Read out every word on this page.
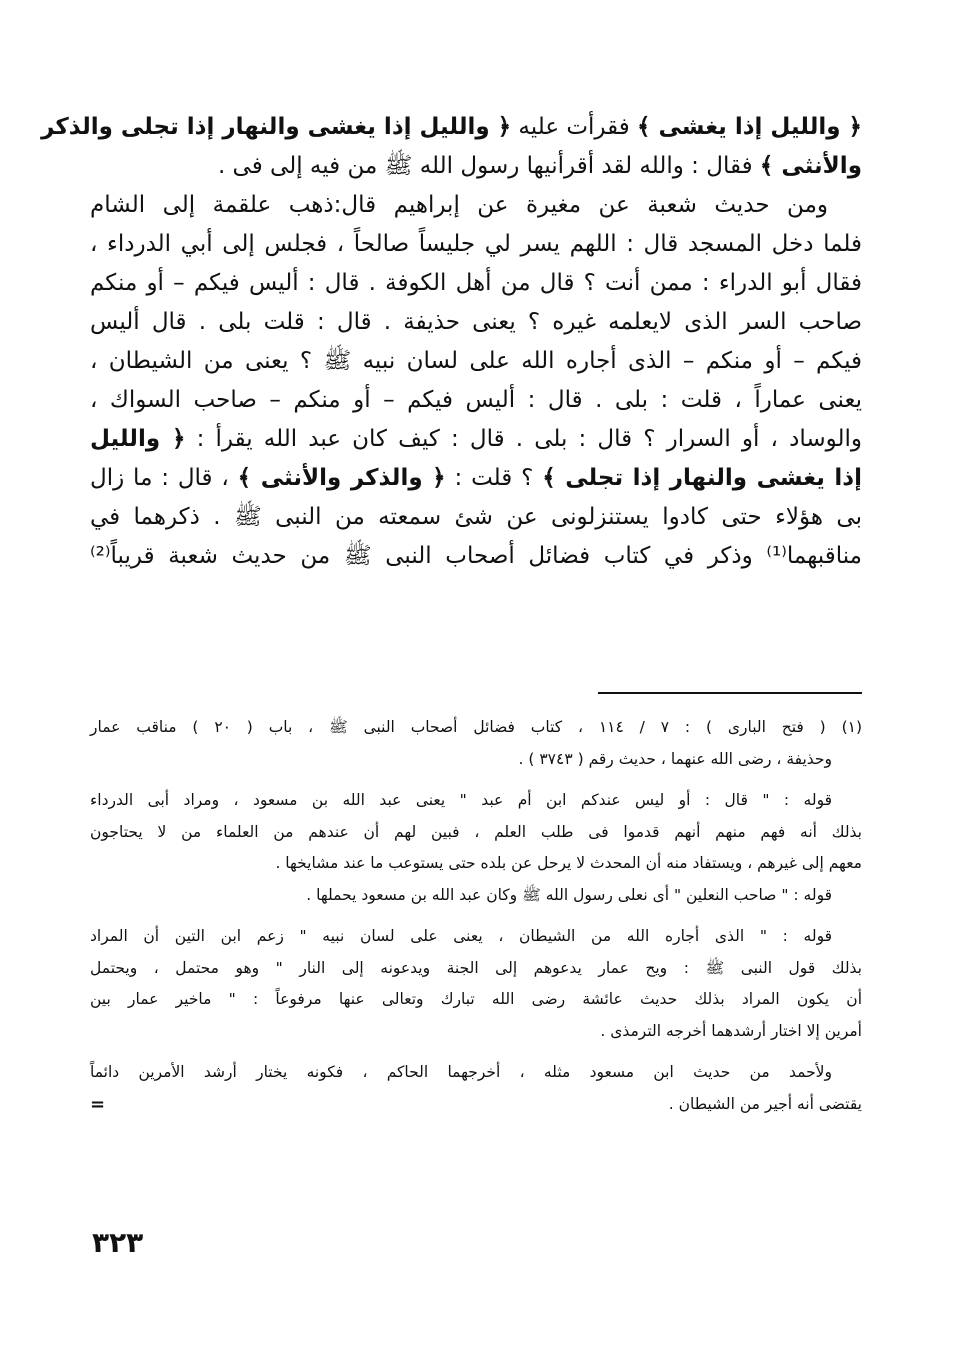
﴿ والليل إذا يغشى ﴾ فقرأت عليه ﴿ والليل إذا يغشى والنهار إذا تجلى والذكر

والأنثى ﴾ فقال : والله لقد أقرأنيها رسول الله ﷺ من فيه إلى فى .

ومن حديث شعبة عن مغيرة عن إبراهيم قال:ذهب علقمة إلى الشام

فلما دخل المسجد قال : اللهم يسر لي جليساً صالحاً ، فجلس إلى أبي الدرداء ،

فقال أبو الدراء : ممن أنت ؟ قال من أهل الكوفة . قال : أليس فيكم – أو منكم

صاحب السر الذى لايعلمه غيره ؟ يعنى حذيفة . قال : قلت بلى . قال أليس

فيكم – أو منكم – الذى أجاره الله على لسان نبيه ﷺ ؟ يعنى من الشيطان ،

يعنى عماراً ، قلت : بلى . قال : أليس فيكم – أو منكم – صاحب السواك ،

والوساد ، أو السرار ؟ قال : بلى . قال : كيف كان عبد الله يقرأ : ﴿ والليل

إذا يغشى والنهار إذا تجلى ﴾ ؟ قلت : ﴿ والذكر والأنثى ﴾ ، قال : ما زال

بى هؤلاء حتى كادوا يستنزلونى عن شئ سمعته من النبى ﷺ . ذكرهما في

مناقبهما⁽¹⁾ وذكر في كتاب فضائل أصحاب النبى ﷺ من حديث شعبة قريباً⁽²⁾

(١) ( فتح البارى ) : ٧ / ١١٤ ، كتاب فضائل أصحاب النبى ﷺ ، باب ( ٢٠ ) مناقب عمار

وحذيفة ، رضى الله عنهما ، حديث رقم ( ٣٧٤٣ ) .

قوله : " قال : أو ليس عندكم ابن أم عبد " يعنى عبد الله بن مسعود ، ومراد أبى الدرداء

بذلك أنه فهم منهم أنهم قدموا فى طلب العلم ، فبين لهم أن عندهم من العلماء من لا يحتاجون

معهم إلى غيرهم ، ويستفاد منه أن المحدث لا يرحل عن بلده حتى يستوعب ما عند مشايخها .

قوله : " صاحب النعلين " أى نعلى رسول الله ﷺ وكان عبد الله بن مسعود يحملها .

قوله : " الذى أجاره الله من الشيطان ، يعنى على لسان نبيه " زعم ابن التين أن المراد

بذلك قول النبى ﷺ : ويح عمار يدعوهم إلى الجنة ويدعونه إلى النار " وهو محتمل ، ويحتمل

أن يكون المراد بذلك حديث عائشة رضى الله تبارك وتعالى عنها مرفوعاً : " ماخير عمار بين

أمرين إلا اختار أرشدهما أخرجه الترمذى .

ولأحمد من حديث ابن مسعود مثله ، أخرجهما الحاكم ، فكونه يختار أرشد الأمرين دائماً

يقتضى أنه أجير من الشيطان .
=

٣٢٣
